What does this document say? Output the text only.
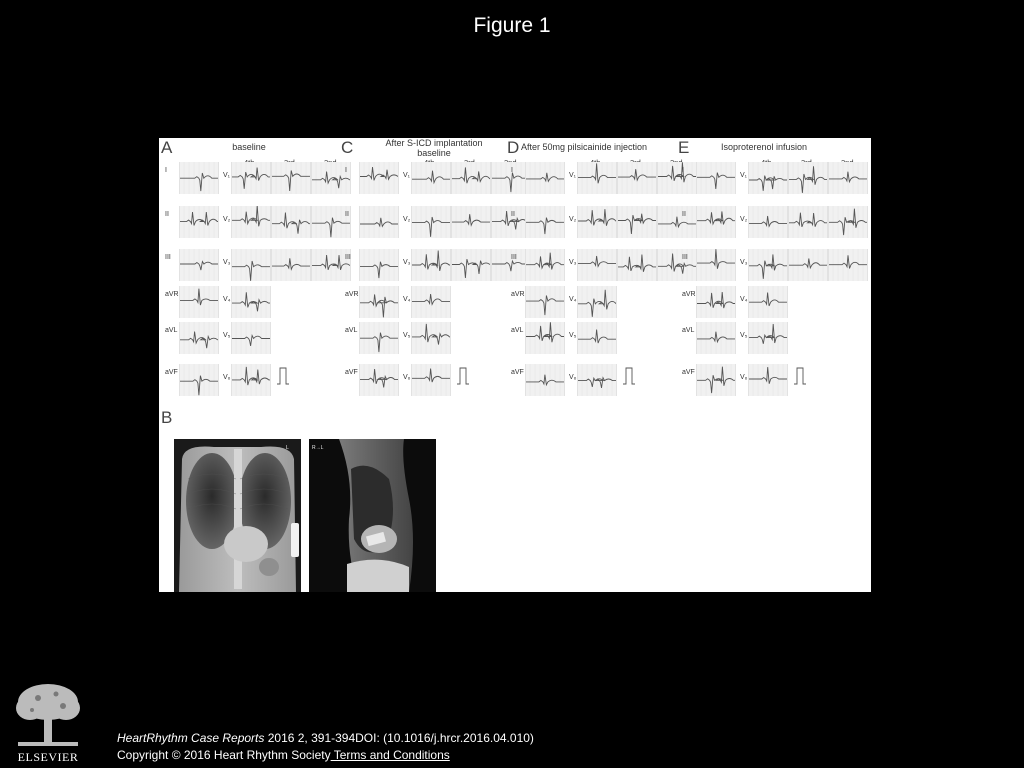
Figure 1
B
L	R→L
A	baseline
I
V₁
II
V₂
III
V₃
aVR
V₄
aVL
V₅
aVF
V₆
C	After S-ICD implantation
baseline
I
V₁
II
V₂
III
V₃
aVR
V₄
aVL
V₅
aVF
V₆
D After 50mg pilsicainide injection
I
V₁
II
V₂
III
V₃
aVR
V₄
aVL
V₅
aVF
V₆
E	Isoproterenol infusion
I
V₁
II
V₂
III
V₃
aVR
V₄
aVL
V₅
aVF
V₆
HeartRhythm Case Reports 2016 2, 391-394DOI: (10.1016/j.hrcr.2016.04.010)
Copyright © 2016 Heart Rhythm Society Terms and Conditions
ELSEVIER
